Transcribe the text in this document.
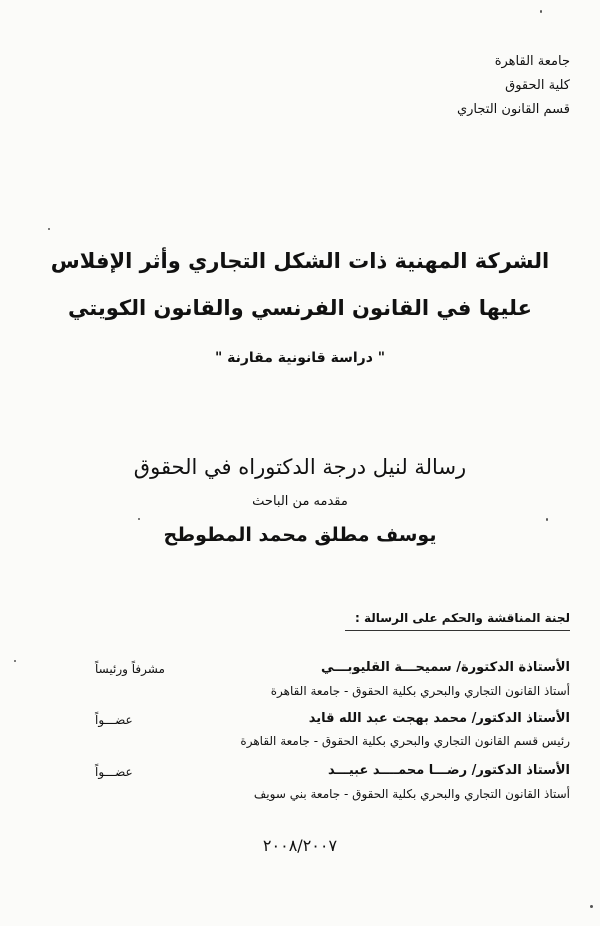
جامعة القاهرة
كلية الحقوق
قسم القانون التجاري
الشركة المهنية ذات الشكل التجاري وأثر الإفلاس
عليها في القانون الفرنسي والقانون الكويتي
" دراسة قانونية مقارنة "
رسالة لنيل درجة الدكتوراه في الحقوق
مقدمه من الباحث
يوسف مطلق محمد المطوطح
لجنة المناقشة والحكم على الرسالة :
الأستاذة الدكتورة/ سميحـــة القليوبـــي
أستاذ القانون التجاري والبحري بكلية الحقوق - جامعة القاهرة
مشرفاً ورئيساً
الأستاذ الدكتور/ محمد بهجت عبد الله قايد
رئيس قسم القانون التجاري والبحري بكلية الحقوق - جامعة القاهرة
عضـــواً
الأستاذ الدكتور/ رضـــا محمــــد عبيـــد
أستاذ القانون التجاري والبحري بكلية الحقوق - جامعة بني سويف
عضـــواً
٢٠٠٨/٢٠٠٧
